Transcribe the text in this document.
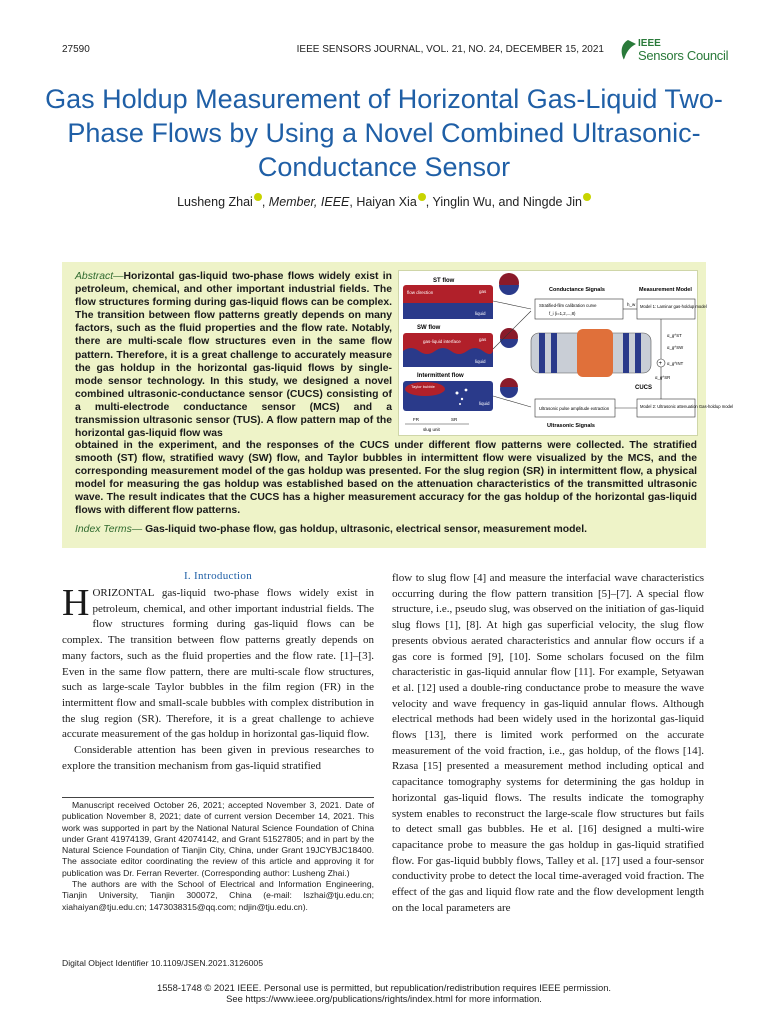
27590	IEEE SENSORS JOURNAL, VOL. 21, NO. 24, DECEMBER 15, 2021
IEEE
Sensors Council
Gas Holdup Measurement of Horizontal Gas-Liquid Two-Phase Flows by Using a Novel Combined Ultrasonic-Conductance Sensor
Lusheng Zhai , Member, IEEE, Haiyan Xia , Yinglin Wu, and Ningde Jin
Abstract—Horizontal gas-liquid two-phase flows widely exist in petroleum, chemical, and other important industrial fields. The flow structures forming during gas-liquid flows can be complex. The transition between flow patterns greatly depends on many factors, such as the fluid properties and the flow rate. Notably, there are multi-scale flow structures even in the same flow pattern. Therefore, it is a great challenge to accurately measure the gas holdup in the horizontal gas-liquid flows by single-mode sensor technology. In this study, we designed a novel combined ultrasonic-conductance sensor (CUCS) consisting of a multi-electrode conductance sensor (MCS) and a transmission ultrasonic sensor (TUS). A flow pattern map of the horizontal gas-liquid flow was
ST flow
flow direction	gas
liquid
SW flow
gas-liquid interface	gas
liquid
Intermittent flow
Taylor bubble
liquid
FR	SR
slug unit
Conductance Signals
Stratified-film calibration curve
f_i (i=1,2,...,8)
h_w
CUCS
Ultrasonic pulse amplitude extraction
Ultrasonic Signals
Measurement Model
Model 1: Laminar gas-holdup model
α_g^ST
α_g^SW
+ α_g^INT
α_g^SR
Model 2: Ultrasonic attenuation Gas-holdup model
obtained in the experiment, and the responses of the CUCS under different flow patterns were collected. The stratified smooth (ST) flow, stratified wavy (SW) flow, and Taylor bubbles in intermittent flow were visualized by the MCS, and the corresponding measurement model of the gas holdup was presented. For the slug region (SR) in intermittent flow, a physical model for measuring the gas holdup was established based on the attenuation characteristics of the transmitted ultrasonic wave. The result indicates that the CUCS has a higher measurement accuracy for the gas holdup of the horizontal gas-liquid flows with different flow patterns.
Index Terms— Gas-liquid two-phase flow, gas holdup, ultrasonic, electrical sensor, measurement model.
I. Introduction

HORIZONTAL gas-liquid two-phase flows widely exist in petroleum, chemical, and other important industrial fields. The flow structures forming during gas-liquid flows can be complex. The transition between flow patterns greatly depends on many factors, such as the fluid properties and the flow rate. [1]–[3]. Even in the same flow pattern, there are multi-scale flow structures, such as large-scale Taylor bubbles in the film region (FR) in the intermittent flow and small-scale bubbles with complex distribution in the slug region (SR). Therefore, it is a great challenge to achieve accurate measurement of the gas holdup in horizontal gas-liquid flow.

Considerable attention has been given in previous researches to explore the transition mechanism from gas-liquid stratified

Manuscript received October 26, 2021; accepted November 3, 2021. Date of publication November 8, 2021; date of current version December 14, 2021. This work was supported in part by the National Natural Science Foundation of China under Grant 41974139, Grant 42074142, and Grant 51527805; and in part by the Natural Science Foundation of Tianjin City, China, under Grant 19JCYBJC18400. The associate editor coordinating the review of this article and approving it for publication was Dr. Ferran Reverter. (Corresponding author: Lusheng Zhai.)

The authors are with the School of Electrical and Information Engineering, Tianjin University, Tianjin 300072, China (e-mail: lszhai@tju.edu.cn; xiahaiyan@tju.edu.cn; 1473038315@qq.com; ndjin@tju.edu.cn).

Digital Object Identifier 10.1109/JSEN.2021.3126005

flow to slug flow [4] and measure the interfacial wave characteristics occurring during the flow pattern transition [5]–[7]. A special flow structure, i.e., pseudo slug, was observed on the initiation of gas-liquid slug flows [1], [8]. At high gas superficial velocity, the slug flow presents obvious aerated characteristics and annular flow occurs if a gas core is formed [9], [10]. Some scholars focused on the film characteristic in gas-liquid annular flow [11]. For example, Setyawan et al. [12] used a double-ring conductance probe to measure the wave velocity and wave frequency in gas-liquid annular flows. Although electrical methods had been widely used in the horizontal gas-liquid flows [13], there is limited work performed on the accurate measurement of the void fraction, i.e., gas holdup, of the flows [14]. Rzasa [15] presented a measurement method including optical and capacitance tomography systems for determining the gas holdup in horizontal gas-liquid flows. The results indicate the tomography system enables to reconstruct the large-scale flow structures but fails to detect small gas bubbles. He et al. [16] designed a multi-wire capacitance probe to measure the gas holdup in gas-liquid stratified flow. For gas-liquid bubbly flows, Talley et al. [17] used a four-sensor conductivity probe to detect the local time-averaged void fraction. The effect of the gas and liquid flow rate and the flow development length on the local parameters are

1558-1748 © 2021 IEEE. Personal use is permitted, but republication/redistribution requires IEEE permission.
See https://www.ieee.org/publications/rights/index.html for more information.
